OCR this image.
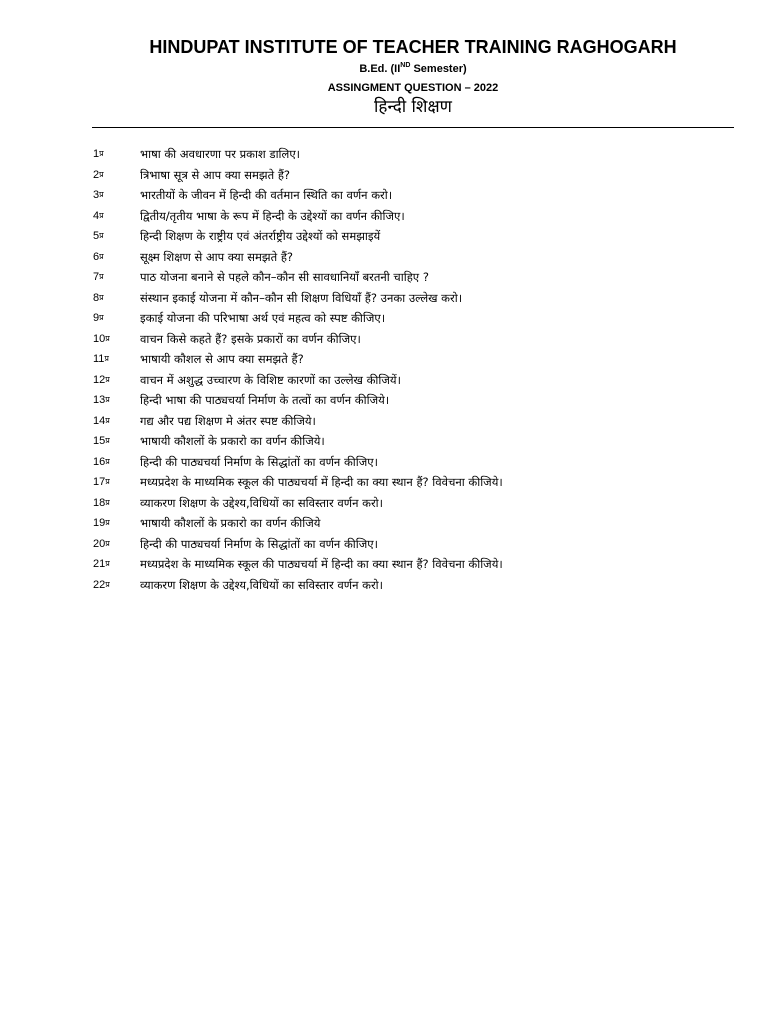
HINDUPAT INSTITUTE OF TEACHER TRAINING RAGHOGARH
B.Ed. (IIND Semester)
ASSINGMENT QUESTION – 2022
हिन्दी शिक्षण
1प्र	भाषा की अवधारणा पर प्रकाश डालिए।
2प्र	त्रिभाषा सूत्र से आप क्या समझते हैं?
3प्र	भारतीयों के जीवन में हिन्दी की वर्तमान स्थिति का वर्णन करो।
4प्र	द्वितीय/तृतीय भाषा के रूप में हिन्दी के उद्देश्यों का वर्णन कीजिए।
5प्र	हिन्दी शिक्षण के राष्ट्रीय एवं अंतर्राष्ट्रीय उद्देश्यों को समझाइयें
6प्र	सूक्ष्म शिक्षण से आप क्या समझते हैं?
7प्र	पाठ योजना बनाने से पहले कौन–कौन सी सावधानियाँ बरतनी चाहिए ?
8प्र	संस्थान इकाई योजना में कौन–कौन सी शिक्षण विधियाँ हैं? उनका उल्लेख करो।
9प्र	इकाई योजना की परिभाषा अर्थ एवं महत्व को स्पष्ट कीजिए।
10प्र	वाचन किसे कहते हैं? इसके प्रकारों का वर्णन कीजिए।
11प्र	भाषायी कौशल से आप क्या समझते हैं?
12प्र	वाचन में अशुद्ध उच्चारण के विशिष्ट कारणों का उल्लेख कीजियें।
13प्र	हिन्दी भाषा की पाठ्यचर्या निर्माण के तत्वों का वर्णन कीजिये।
14प्र	गद्य और पद्य शिक्षण मे अंतर स्पष्ट कीजिये।
15प्र	भाषायी कौशलों के प्रकारो का वर्णन कीजिये।
16प्र	हिन्दी की पाठ्यचर्या निर्माण के सिद्धांतों का वर्णन कीजिए।
17प्र	मध्यप्रदेश के माध्यमिक स्कूल की पाठ्यचर्या में हिन्दी का क्या स्थान हैं? विवेचना कीजिये।
18प्र	व्याकरण शिक्षण के उद्देश्य,विधियों का सविस्तार वर्णन करो।
19प्र	भाषायी कौशलों के प्रकारो का वर्णन कीजिये
20प्र	हिन्दी की पाठ्यचर्या निर्माण के सिद्धांतों का वर्णन कीजिए।
21प्र	मध्यप्रदेश के माध्यमिक स्कूल की पाठ्यचर्या में हिन्दी का क्या स्थान हैं? विवेचना कीजिये।
22प्र	व्याकरण शिक्षण के उद्देश्य,विधियों का सविस्तार वर्णन करो।
